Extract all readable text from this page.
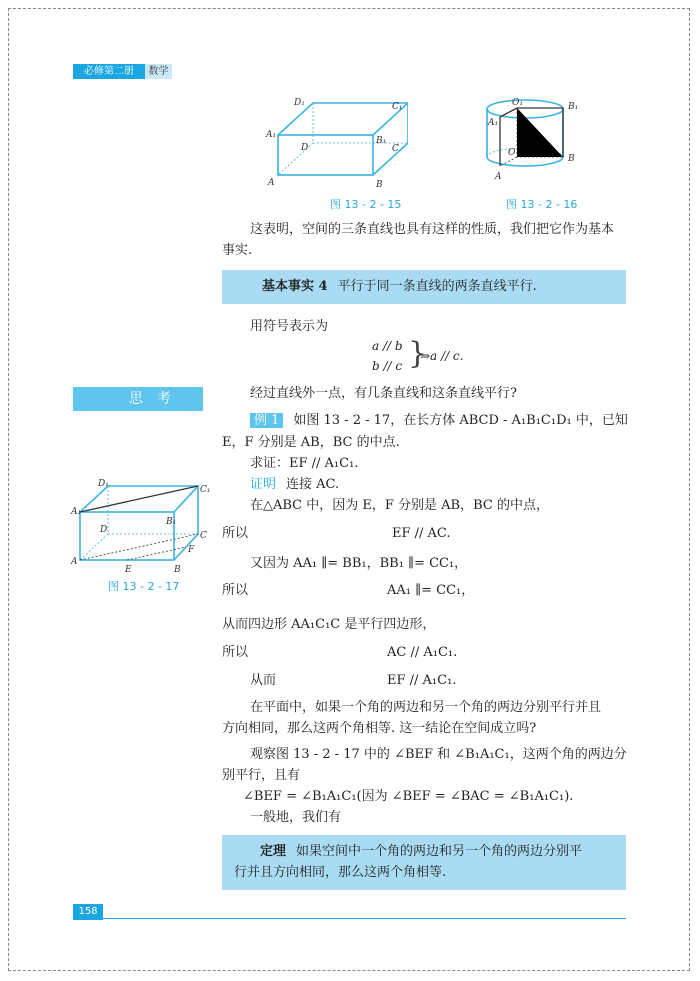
必修第二册	数学
D₁
A₁
B₁
D
A	B
C₁
C
图 13 - 2 - 15
O₁	B₁
A₁
O
B
A
图 13 - 2 - 16
这表明，空间的三条直线也具有这样的性质，我们把它作为基本
事实.
基本事实 4 平行于同一条直线的两条直线平行.
用符号表示为
a // b
b // c }
⇒a // c.
思考	经过直线外一点，有几条直线和这条直线平行?
例 1 如图 13 - 2 - 17，在长方体 ABCD - A₁B₁C₁D₁ 中，已知
E，F 分别是 AB，BC 的中点.
求证：EF // A₁C₁.
证明 连接 AC.
在△ABC 中，因为 E，F 分别是 AB，BC 的中点，
所以	EF // AC.
又因为 AA₁ ∥= BB₁，BB₁ ∥= CC₁，
所以	AA₁ ∥= CC₁，
从而四边形 AA₁C₁C 是平行四边形，
所以	AC // A₁C₁.
从而	EF // A₁C₁.
在平面中，如果一个角的两边和另一个角的两边分别平行并且
方向相同，那么这两个角相等. 这一结论在空间成立吗?
观察图 13 - 2 - 17 中的 ∠BEF 和 ∠B₁A₁C₁，这两个角的两边分
别平行，且有
∠BEF = ∠B₁A₁C₁(因为 ∠BEF = ∠BAC = ∠B₁A₁C₁).
一般地，我们有
定理 如果空间中一个角的两边和另一个角的两边分别平
行并且方向相同，那么这两个角相等.
D₁
C₁
A₁
B₁
D
C
F
A
E	B
图 13 - 2 - 17
158
